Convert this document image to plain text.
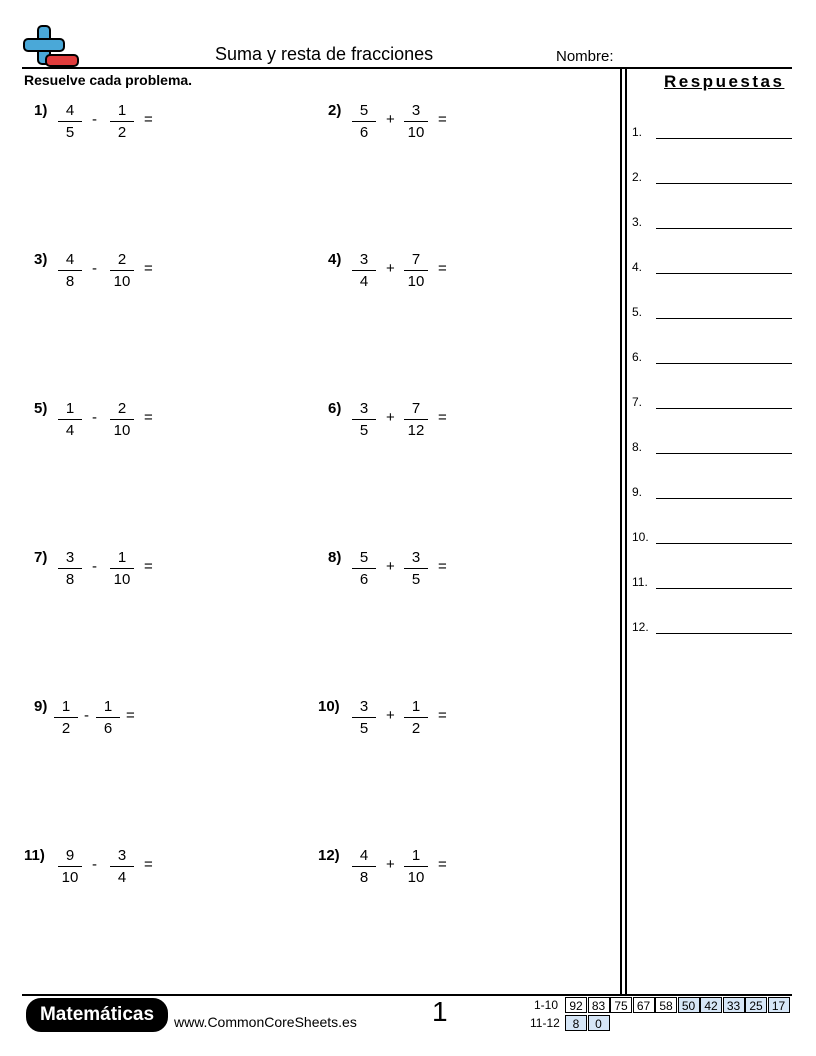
Suma y resta de fracciones	Nombre:
Resuelve cada problema.	Respuestas
1.
2.
3.
4.
5.
6.
7.
8.
9.
10.
11.
12.
$1) \frac{4}{5} - \frac{1}{2}$ =
$2) \frac{5}{6} + \frac{3}{10}$ =
$3) \frac{4}{8} - \frac{2}{10}$ =
$4) \frac{3}{4} + \frac{7}{10}$ =
$5) \frac{1}{4} - \frac{2}{10}$ =
$6) \frac{3}{5} + \frac{7}{12}$ =
$7) \frac{3}{8} - \frac{1}{10}$ =
$8) \frac{5}{6} + \frac{3}{5}$ =
$9) \frac{1}{2} - \frac{1}{6}$ =
$10) \frac{3}{5} + \frac{1}{2}$ =
$11) \frac{9}{10} - \frac{3}{4}$ =
$12) \frac{4}{8} + \frac{1}{10}$ =
Matemáticas	www.CommonCoreSheets.es	1	1-10 92 83 75 67 58 50 42 33 25 17
11-12	8	0
